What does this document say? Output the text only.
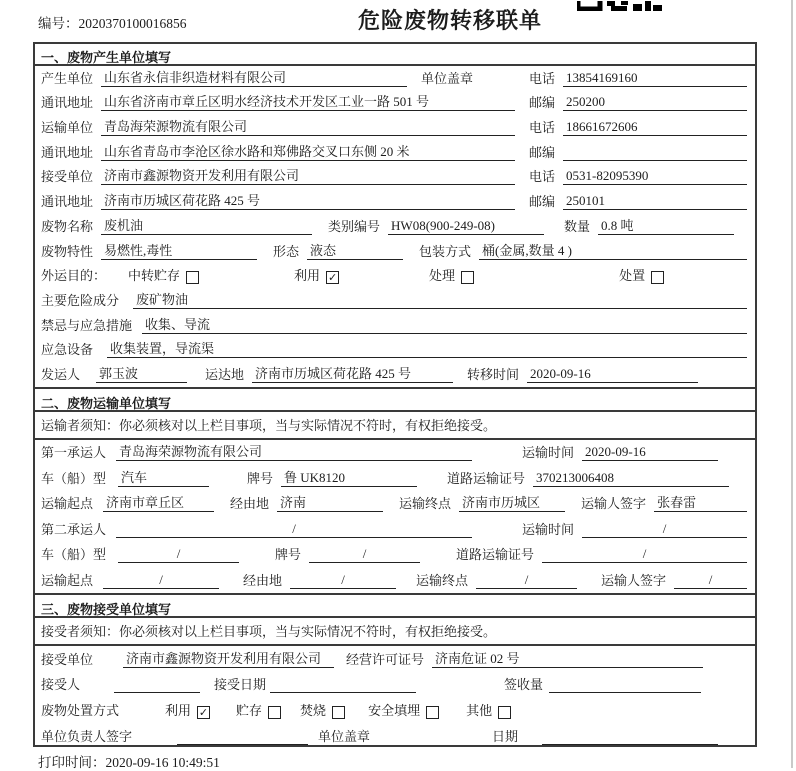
编号：2020370100016856	危险废物转移联单
一、废物产生单位填写
产生单位 山东省永信非织造材料有限公司	单位盖章	电话 13854169160
通讯地址 山东省济南市章丘区明水经济技术开发区工业一路 501 号	邮编 250200
运输单位 青岛海荣源物流有限公司	电话 18661672606
通讯地址 山东省青岛市李沧区徐水路和郑佛路交叉口东侧 20 米	邮编
接受单位 济南市鑫源物资开发利用有限公司	电话 0531-82095390
通讯地址 济南市历城区荷花路 425 号	邮编 250101
废物名称 废机油	类别编号 HW08(900-249-08)	数量 0.8 吨
废物特性 易燃性,毒性	形态 液态	包装方式 桶(金属,数量 4 )
外运目的： 中转贮存	利用 ✓	处理	处置
主要危险成分 废矿物油
禁忌与应急措施 收集、导流
应急设备 收集装置，导流渠
发运人 郭玉波	运达地 济南市历城区荷花路 425 号	转移时间 2020-09-16
二、废物运输单位填写
运输者须知：你必须核对以上栏目事项，当与实际情况不符时，有权拒绝接受。
第一承运人 青岛海荣源物流有限公司	运输时间 2020-09-16
车（船）型 汽车	牌号 鲁 UK8120	道路运输证号 370213006408
运输起点 济南市章丘区	经由地 济南	运输终点 济南市历城区	运输人签字 张春雷
第二承运人	/	运输时间	/
车（船）型	/	牌号	/	道路运输证号	/
运输起点	/	经由地	/	运输终点	/	运输人签字	/
三、废物接受单位填写
接受者须知：你必须核对以上栏目事项，当与实际情况不符时，有权拒绝接受。
接受单位	济南市鑫源物资开发利用有限公司	经营许可证号 济南危证 02 号
接受人	接受日期	签收量
废物处置方式	利用 ✓ 贮存	焚烧	安全填埋	其他
单位负责人签字	单位盖章	日期
打印时间：2020-09-16 10:49:51
